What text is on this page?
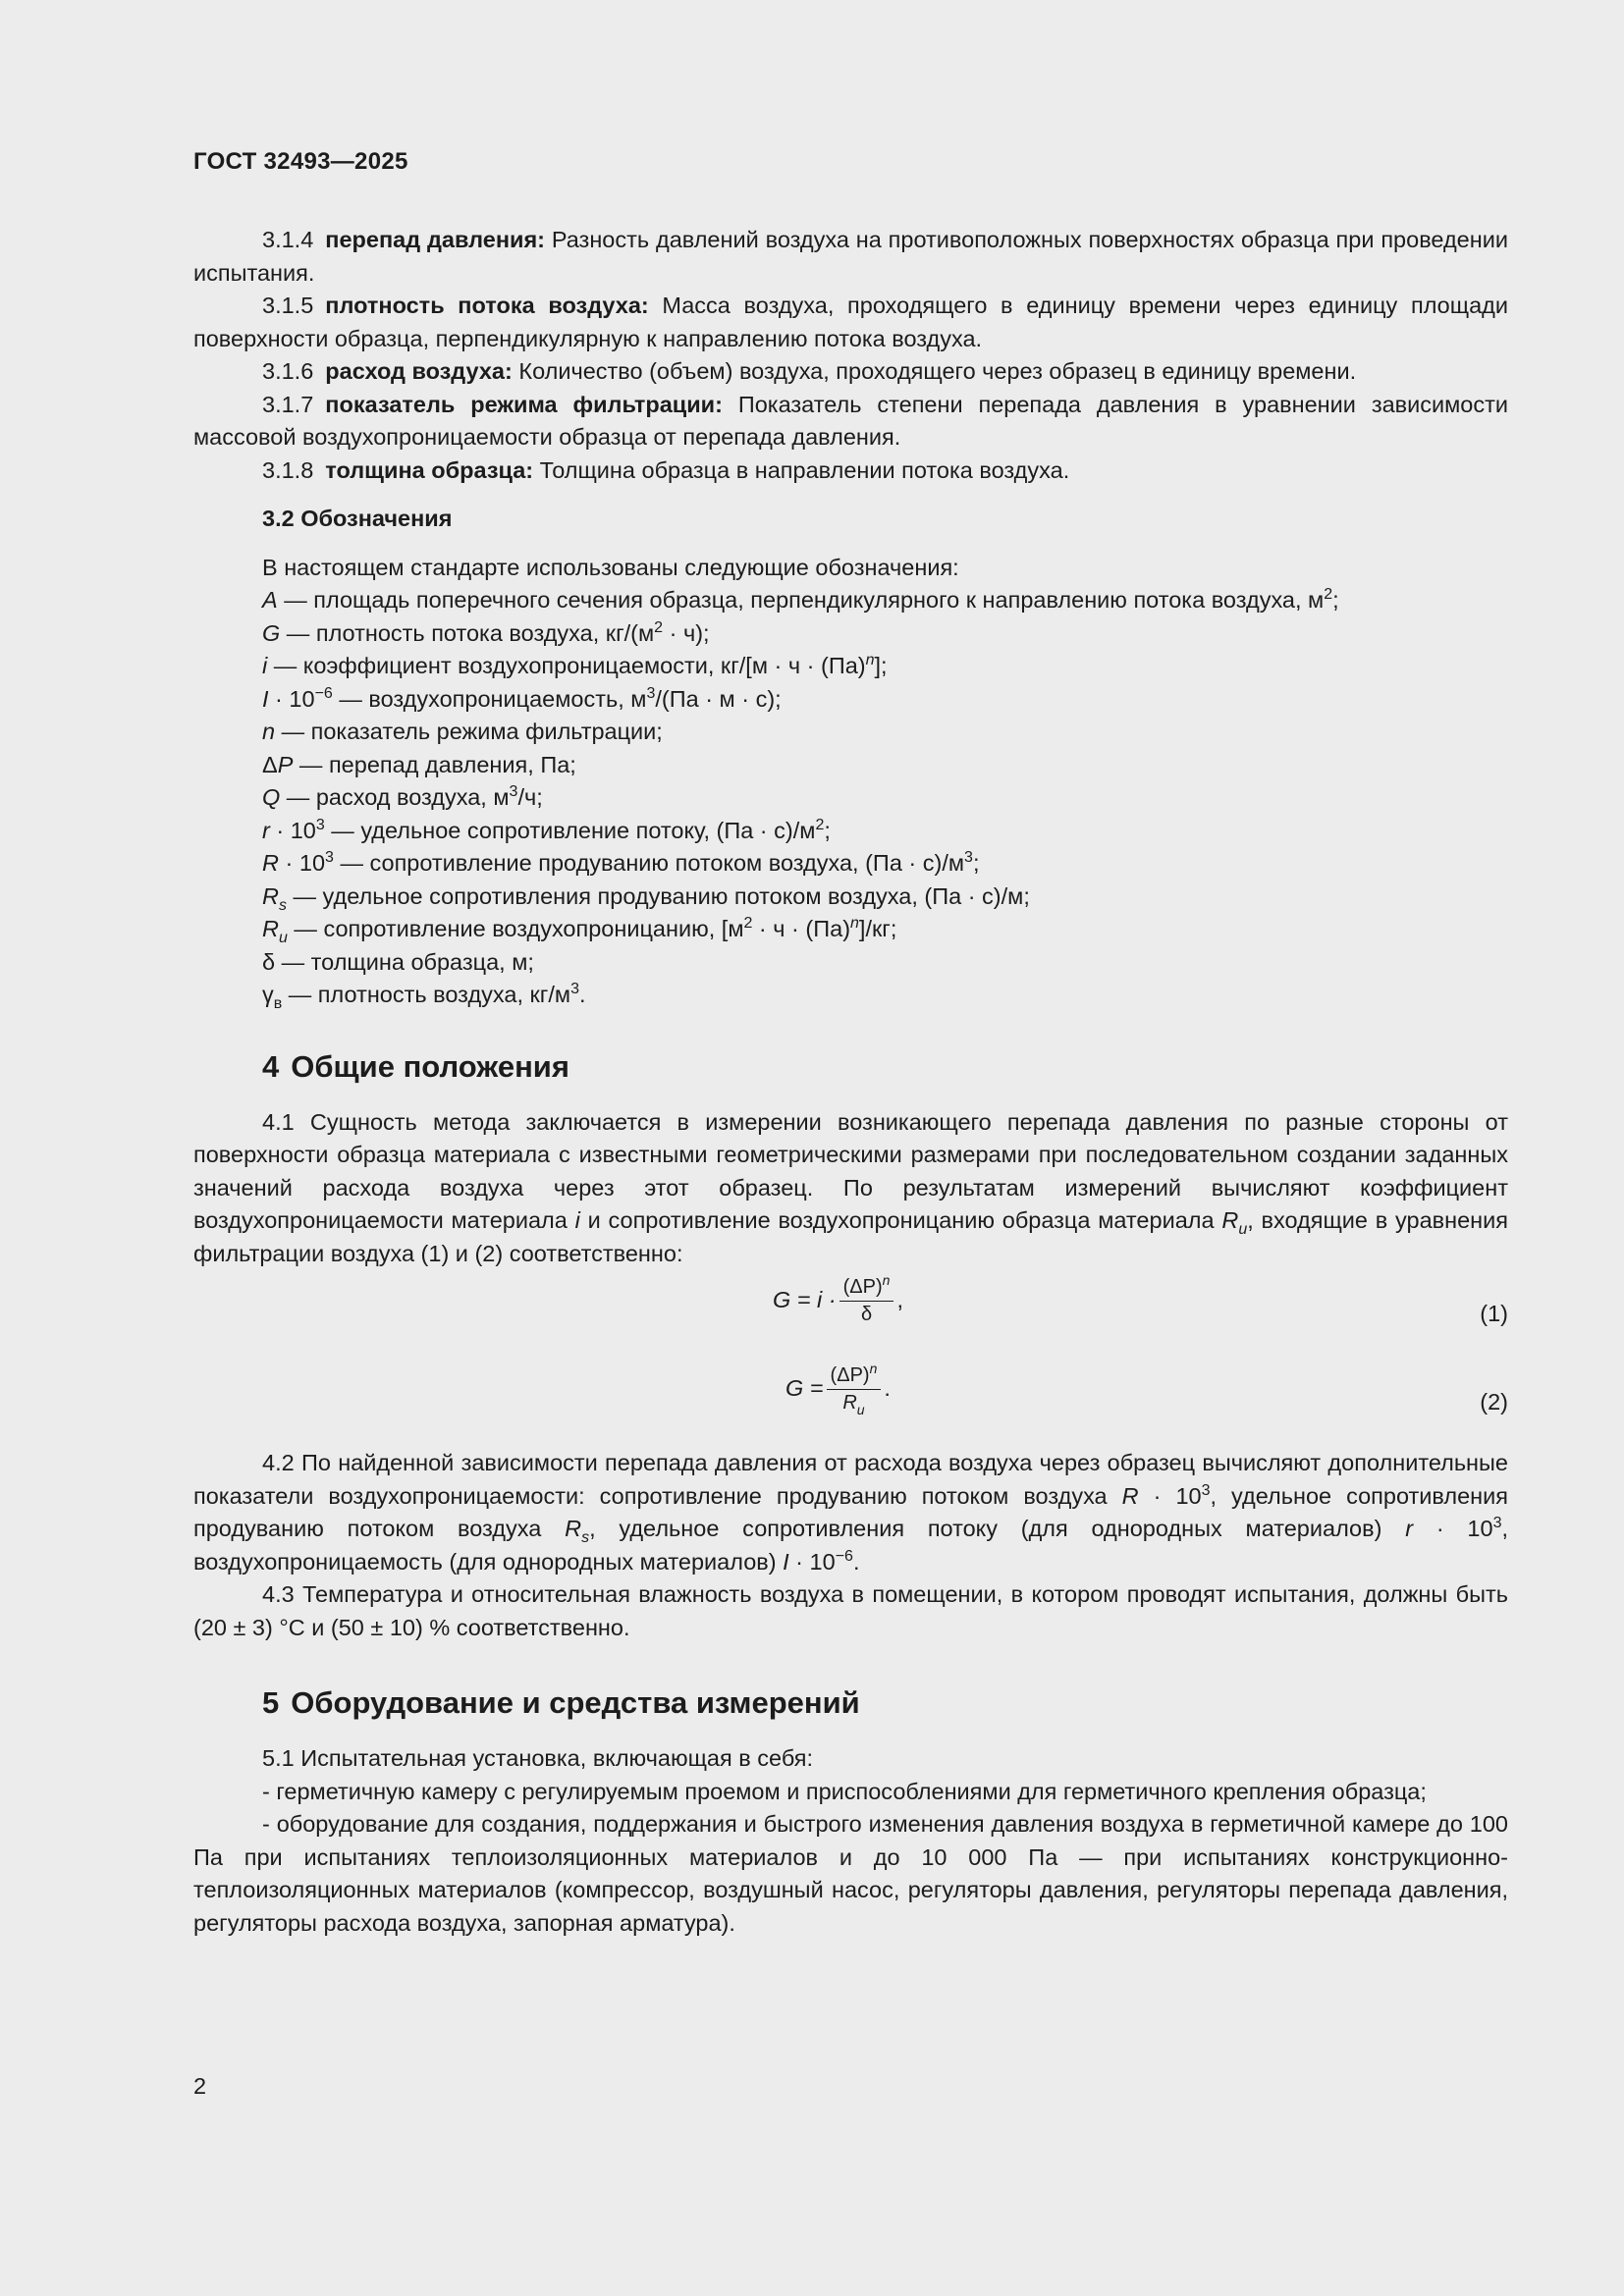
ГОСТ 32493—2025

3.1.4 перепад давления: Разность давлений воздуха на противоположных поверхностях образца при проведении испытания.

3.1.5 плотность потока воздуха: Масса воздуха, проходящего в единицу времени через единицу площади поверхности образца, перпендикулярную к направлению потока воздуха.

3.1.6 расход воздуха: Количество (объем) воздуха, проходящего через образец в единицу времени.

3.1.7 показатель режима фильтрации: Показатель степени перепада давления в уравнении зависимости массовой воздухопроницаемости образца от перепада давления.

3.1.8 толщина образца: Толщина образца в направлении потока воздуха.

3.2 Обозначения

В настоящем стандарте использованы следующие обозначения:

A — площадь поперечного сечения образца, перпендикулярного к направлению потока воздуха, $м^2$;

G — плотность потока воздуха, $кг/(м^2 \cdot ч)$;

i — коэффициент воздухопроницаемости, кг/[м · ч · (Па)$^n$];

$I \cdot 10^{-6}$ — воздухопроницаемость, $м^3/(Па \cdot м \cdot с)$;

n — показатель режима фильтрации;

ΔP — перепад давления, Па;

Q — расход воздуха, $м^3/ч$;

$r \cdot 10^3$ — удельное сопротивление потоку, $(Па \cdot с)/м^2$;

$R \cdot 10^3$ — сопротивление продуванию потоком воздуха, $(Па \cdot с)/м^3$;

$R_s$ — удельное сопротивления продуванию потоком воздуха, (Па · с)/м;

$R_u$ — сопротивление воздухопроницанию, $[м^2 \cdot ч \cdot (Па)^n]/кг$;

δ — толщина образца, м;

$\gamma_в$ — плотность воздуха, $кг/м^3$.

4 Общие положения

4.1 Сущность метода заключается в измерении возникающего перепада давления по разные стороны от поверхности образца материала с известными геометрическими размерами при последовательном создании заданных значений расхода воздуха через этот образец. По результатам измерений вычисляют коэффициент воздухопроницаемости материала i и сопротивление воздухопроницанию образца материала $R_u$, входящие в уравнения фильтрации воздуха (1) и (2) соответственно:

$G = i \cdot \frac{(\Delta P)^n}{\delta}$ ,
(1)
$G = \frac{(\Delta P)^n}{R_u}$ .
(2)

4.2 По найденной зависимости перепада давления от расхода воздуха через образец вычисляют дополнительные показатели воздухопроницаемости: сопротивление продуванию потоком воздуха $R \cdot 10^3$, удельное сопротивления продуванию потоком воздуха $R_s$, удельное сопротивления потоку (для однородных материалов) $r \cdot 10^3$, воздухопроницаемость (для однородных материалов) $I \cdot 10^{-6}$.

4.3 Температура и относительная влажность воздуха в помещении, в котором проводят испытания, должны быть (20 ± 3) °С и (50 ± 10) % соответственно.

5 Оборудование и средства измерений

5.1 Испытательная установка, включающая в себя:

- герметичную камеру с регулируемым проемом и приспособлениями для герметичного крепления образца;

- оборудование для создания, поддержания и быстрого изменения давления воздуха в герметичной камере до 100 Па при испытаниях теплоизоляционных материалов и до 10 000 Па — при испытаниях конструкционно-теплоизоляционных материалов (компрессор, воздушный насос, регуляторы давления, регуляторы перепада давления, регуляторы расхода воздуха, запорная арматура).

2
